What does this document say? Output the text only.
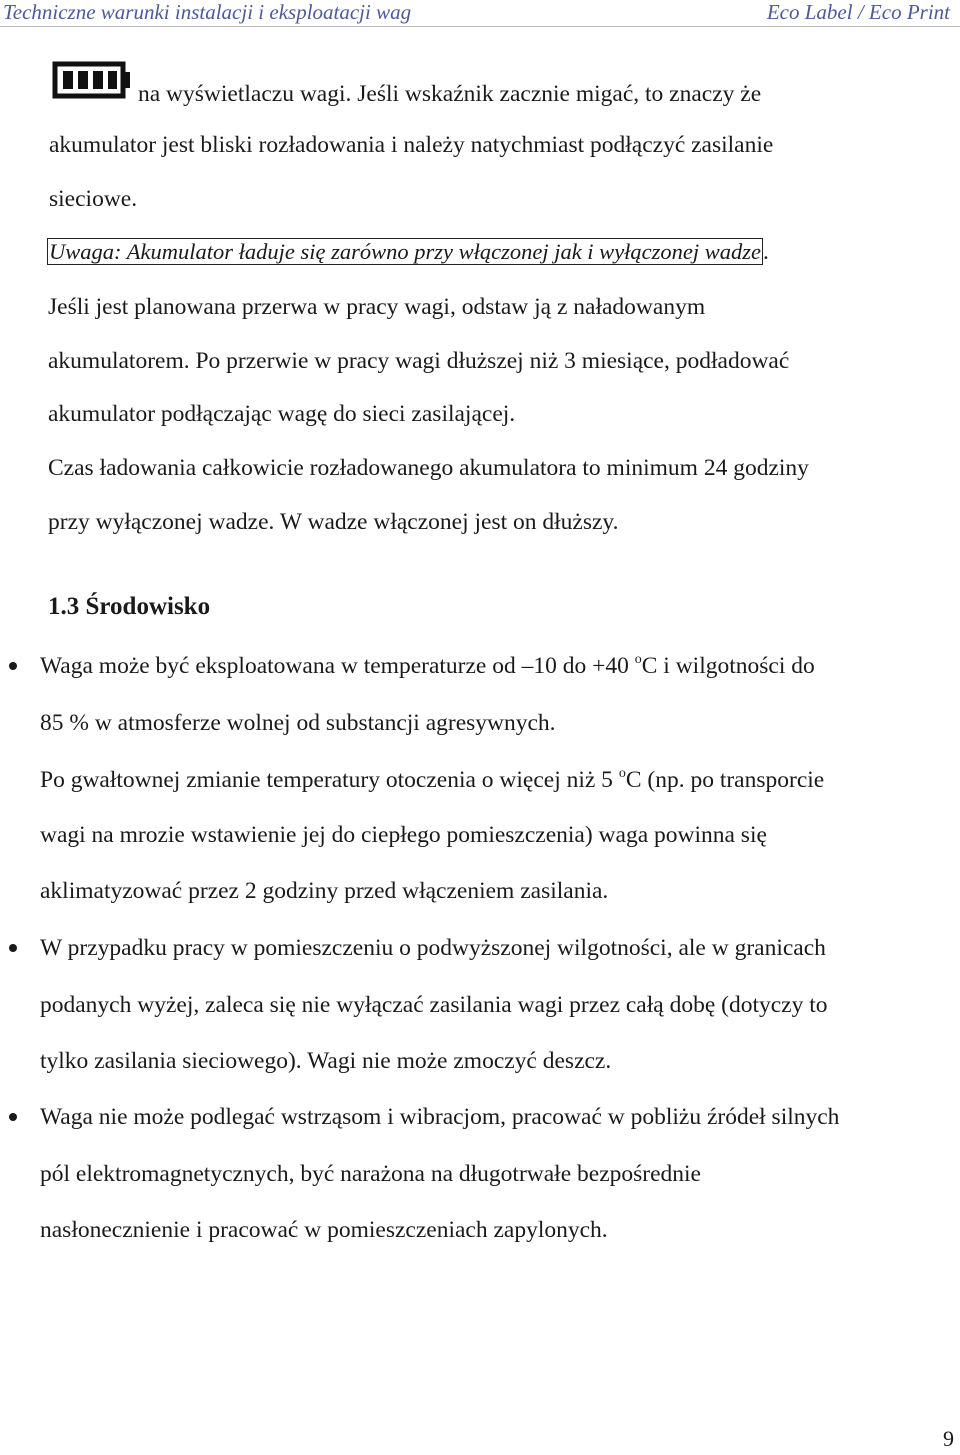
Techniczne warunki instalacji i eksploatacji wag	Eco Label / Eco Print
na wyświetlaczu wagi. Jeśli wskaźnik zacznie migać, to znaczy że
akumulator jest bliski rozładowania i należy natychmiast podłączyć zasilanie
sieciowe.
Uwaga: Akumulator ładuje się zarówno przy włączonej jak i wyłączonej wadze.
Jeśli jest planowana przerwa w pracy wagi, odstaw ją z naładowanym
akumulatorem. Po przerwie w pracy wagi dłuższej niż 3 miesiące, podładować
akumulator podłączając wagę do sieci zasilającej.
Czas ładowania całkowicie rozładowanego akumulatora to minimum 24 godziny
przy wyłączonej wadze. W wadze włączonej jest on dłuższy.
1.3 Środowisko
Waga może być eksploatowana w temperaturze od –10 do +40 $^o$C i wilgotności do
85 % w atmosferze wolnej od substancji agresywnych.
Po gwałtownej zmianie temperatury otoczenia o więcej niż 5 $^o$C (np. po transporcie
wagi na mrozie wstawienie jej do ciepłego pomieszczenia) waga powinna się
aklimatyzować przez 2 godziny przed włączeniem zasilania.
W przypadku pracy w pomieszczeniu o podwyższonej wilgotności, ale w granicach
podanych wyżej, zaleca się nie wyłączać zasilania wagi przez całą dobę (dotyczy to
tylko zasilania sieciowego). Wagi nie może zmoczyć deszcz.
Waga nie może podlegać wstrząsom i wibracjom, pracować w pobliżu źródeł silnych
pól elektromagnetycznych, być narażona na długotrwałe bezpośrednie
nasłonecznienie i pracować w pomieszczeniach zapylonych.
9
